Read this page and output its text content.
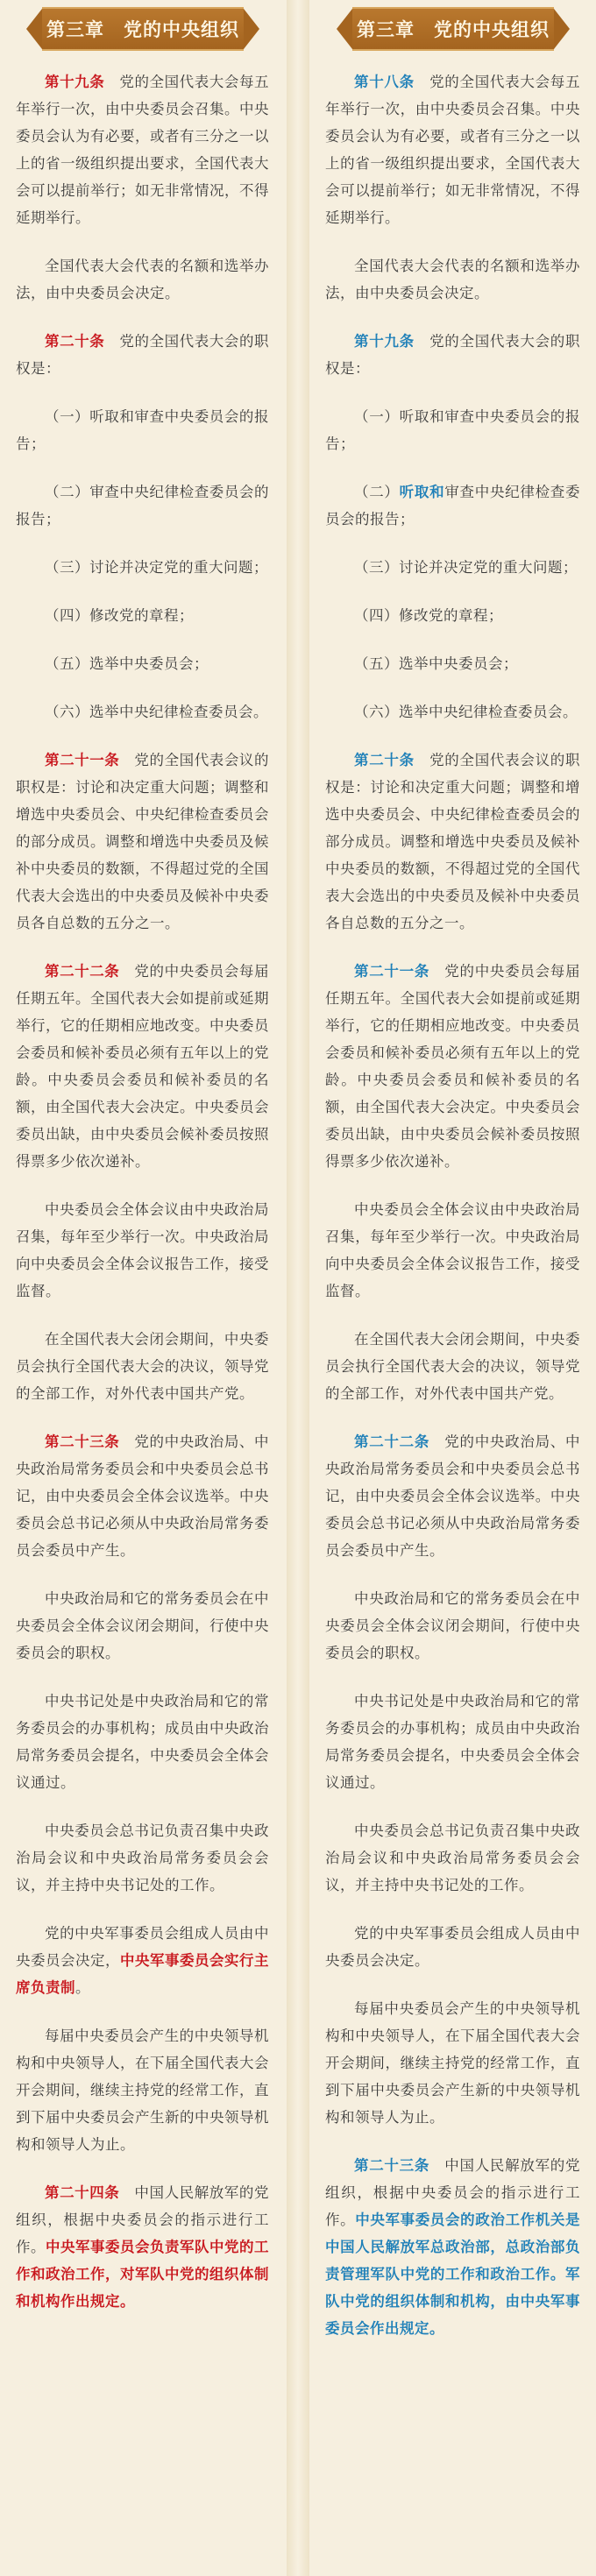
第十九条　党的全国代表大会每五年举行一次，由中央委员会召集。中央委员会认为有必要，或者有三分之一以上的省一级组织提出要求，全国代表大会可以提前举行；如无非常情况，不得延期举行。

全国代表大会代表的名额和选举办法，由中央委员会决定。

第二十条　党的全国代表大会的职权是：

（一）听取和审查中央委员会的报告；

（二）审查中央纪律检查委员会的报告；

（三）讨论并决定党的重大问题；

（四）修改党的章程；

（五）选举中央委员会；

（六）选举中央纪律检查委员会。

第二十一条　党的全国代表会议的职权是：讨论和决定重大问题；调整和增选中央委员会、中央纪律检查委员会的部分成员。调整和增选中央委员及候补中央委员的数额，不得超过党的全国代表大会选出的中央委员及候补中央委员各自总数的五分之一。

第二十二条　党的中央委员会每届任期五年。全国代表大会如提前或延期举行，它的任期相应地改变。中央委员会委员和候补委员必须有五年以上的党龄。中央委员会委员和候补委员的名额，由全国代表大会决定。中央委员会委员出缺，由中央委员会候补委员按照得票多少依次递补。

中央委员会全体会议由中央政治局召集，每年至少举行一次。中央政治局向中央委员会全体会议报告工作，接受监督。

在全国代表大会闭会期间，中央委员会执行全国代表大会的决议，领导党的全部工作，对外代表中国共产党。

第二十三条　党的中央政治局、中央政治局常务委员会和中央委员会总书记，由中央委员会全体会议选举。中央委员会总书记必须从中央政治局常务委员会委员中产生。

中央政治局和它的常务委员会在中央委员会全体会议闭会期间，行使中央委员会的职权。

中央书记处是中央政治局和它的常务委员会的办事机构；成员由中央政治局常务委员会提名，中央委员会全体会议通过。

中央委员会总书记负责召集中央政治局会议和中央政治局常务委员会会议，并主持中央书记处的工作。

党的中央军事委员会组成人员由中央委员会决定，中央军事委员会实行主席负责制。

每届中央委员会产生的中央领导机构和中央领导人，在下届全国代表大会开会期间，继续主持党的经常工作，直到下届中央委员会产生新的中央领导机构和领导人为止。

第二十四条　中国人民解放军的党组织，根据中央委员会的指示进行工作。中央军事委员会负责军队中党的工作和政治工作，对军队中党的组织体制和机构作出规定。

第十八条　党的全国代表大会每五年举行一次，由中央委员会召集。中央委员会认为有必要，或者有三分之一以上的省一级组织提出要求，全国代表大会可以提前举行；如无非常情况，不得延期举行。

全国代表大会代表的名额和选举办法，由中央委员会决定。

第十九条　党的全国代表大会的职权是：

（一）听取和审查中央委员会的报告；

（二）听取和审查中央纪律检查委员会的报告；

（三）讨论并决定党的重大问题；

（四）修改党的章程；

（五）选举中央委员会；

（六）选举中央纪律检查委员会。

第二十条　党的全国代表会议的职权是：讨论和决定重大问题；调整和增选中央委员会、中央纪律检查委员会的部分成员。调整和增选中央委员及候补中央委员的数额，不得超过党的全国代表大会选出的中央委员及候补中央委员各自总数的五分之一。

第二十一条　党的中央委员会每届任期五年。全国代表大会如提前或延期举行，它的任期相应地改变。中央委员会委员和候补委员必须有五年以上的党龄。中央委员会委员和候补委员的名额，由全国代表大会决定。中央委员会委员出缺，由中央委员会候补委员按照得票多少依次递补。

中央委员会全体会议由中央政治局召集，每年至少举行一次。中央政治局向中央委员会全体会议报告工作，接受监督。

在全国代表大会闭会期间，中央委员会执行全国代表大会的决议，领导党的全部工作，对外代表中国共产党。

第二十二条　党的中央政治局、中央政治局常务委员会和中央委员会总书记，由中央委员会全体会议选举。中央委员会总书记必须从中央政治局常务委员会委员中产生。

中央政治局和它的常务委员会在中央委员会全体会议闭会期间，行使中央委员会的职权。

中央书记处是中央政治局和它的常务委员会的办事机构；成员由中央政治局常务委员会提名，中央委员会全体会议通过。

中央委员会总书记负责召集中央政治局会议和中央政治局常务委员会会议，并主持中央书记处的工作。

党的中央军事委员会组成人员由中央委员会决定。

每届中央委员会产生的中央领导机构和中央领导人，在下届全国代表大会开会期间，继续主持党的经常工作，直到下届中央委员会产生新的中央领导机构和领导人为止。

第二十三条　中国人民解放军的党组织，根据中央委员会的指示进行工作。中央军事委员会的政治工作机关是中国人民解放军总政治部，总政治部负责管理军队中党的工作和政治工作。军队中党的组织体制和机构，由中央军事委员会作出规定。

第三章　党的中央组织	第三章　党的中央组织
